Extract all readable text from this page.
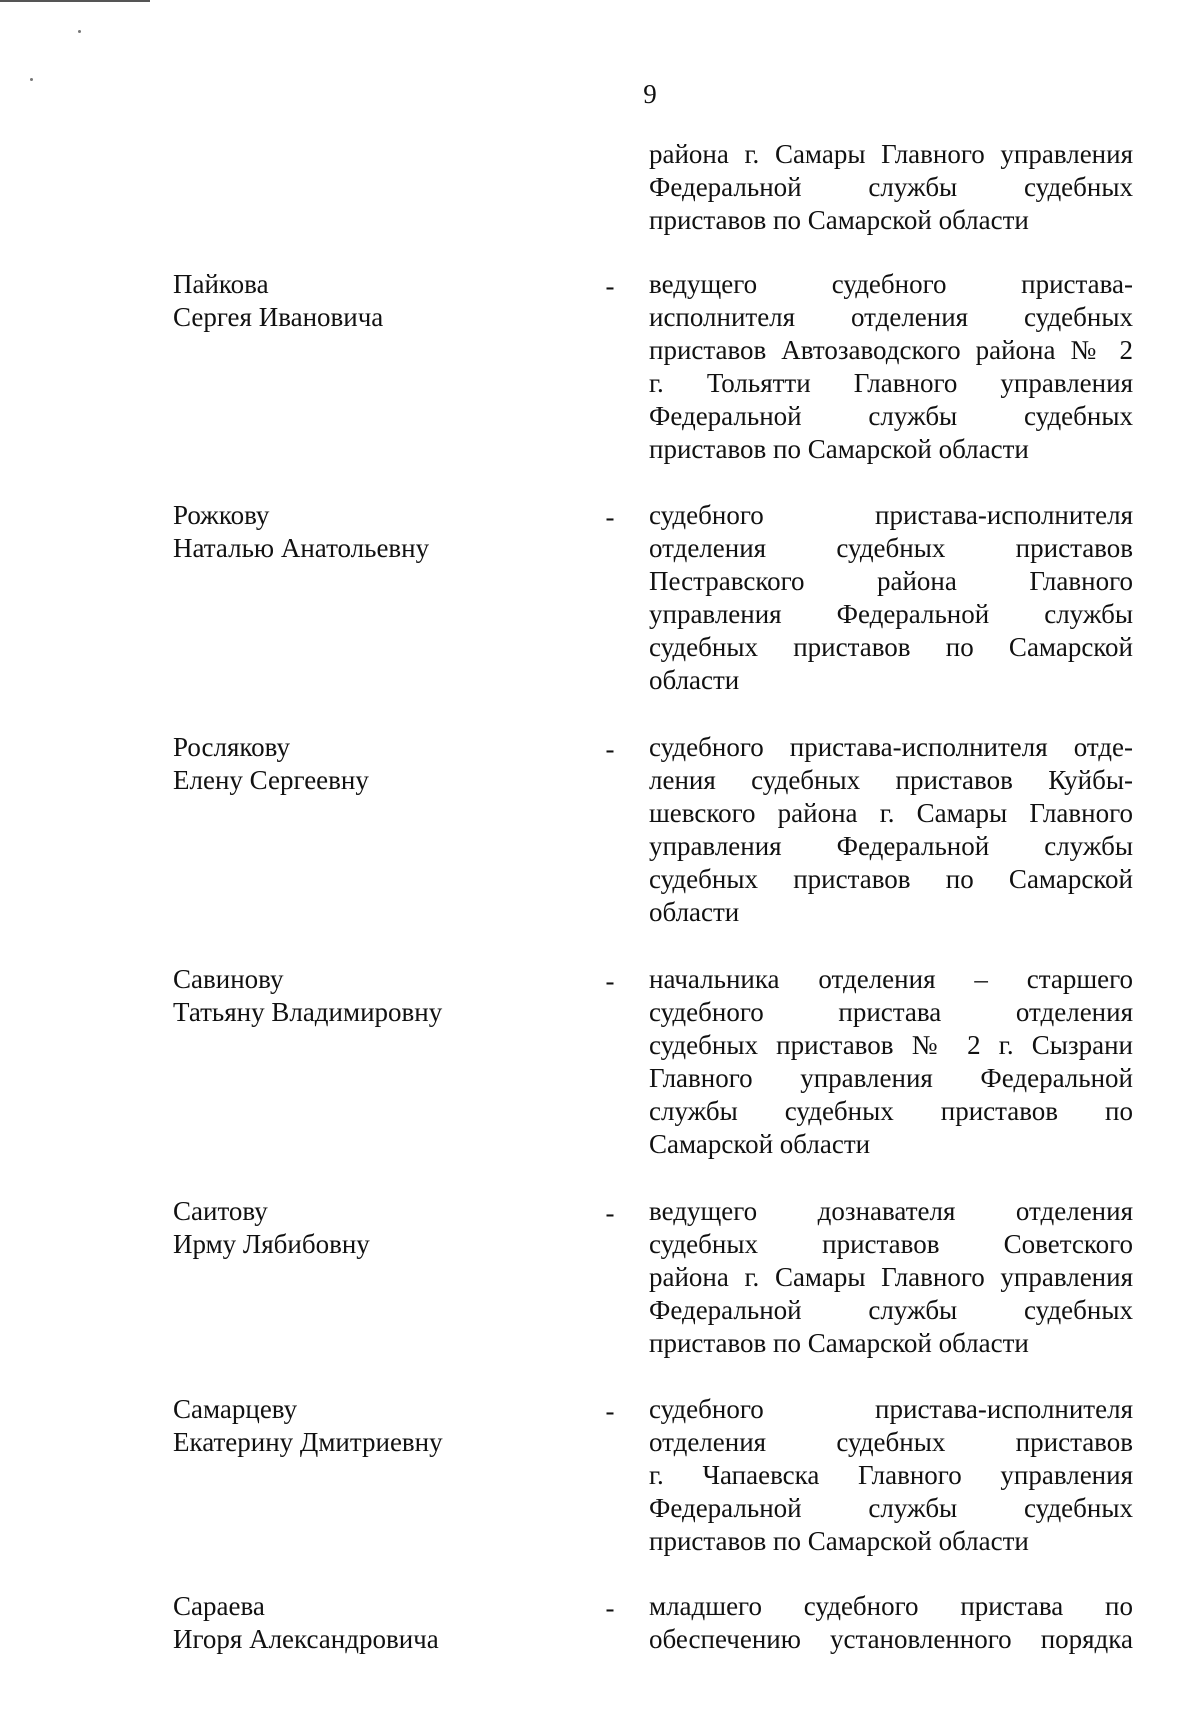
9
района г. Самары Главного управления
Федеральной службы судебных
приставов по Самарской области
Пайкова
Сергея Ивановича
- ведущего судебного пристава-
исполнителя отделения судебных
приставов Автозаводского района № 2
г. Тольятти Главного управления
Федеральной службы судебных
приставов по Самарской области
Рожкову
Наталью Анатольевну
- судебного пристава-исполнителя
отделения судебных приставов
Пестравского района Главного
управления Федеральной службы
судебных приставов по Самарской
области
Рослякову
Елену Сергеевну
- судебного пристава-исполнителя отде-
ления судебных приставов Куйбы-
шевского района г. Самары Главного
управления Федеральной службы
судебных приставов по Самарской
области
Савинову
Татьяну Владимировну
- начальника отделения – старшего
судебного пристава отделения
судебных приставов № 2 г. Сызрани
Главного управления Федеральной
службы судебных приставов по
Самарской области
Саитову
Ирму Лябибовну
- ведущего дознавателя отделения
судебных приставов Советского
района г. Самары Главного управления
Федеральной службы судебных
приставов по Самарской области
Самарцеву
Екатерину Дмитриевну
- судебного пристава-исполнителя
отделения судебных приставов
г. Чапаевска Главного управления
Федеральной службы судебных
приставов по Самарской области
Сараева
Игоря Александровича
- младшего судебного пристава по
обеспечению установленного порядка
